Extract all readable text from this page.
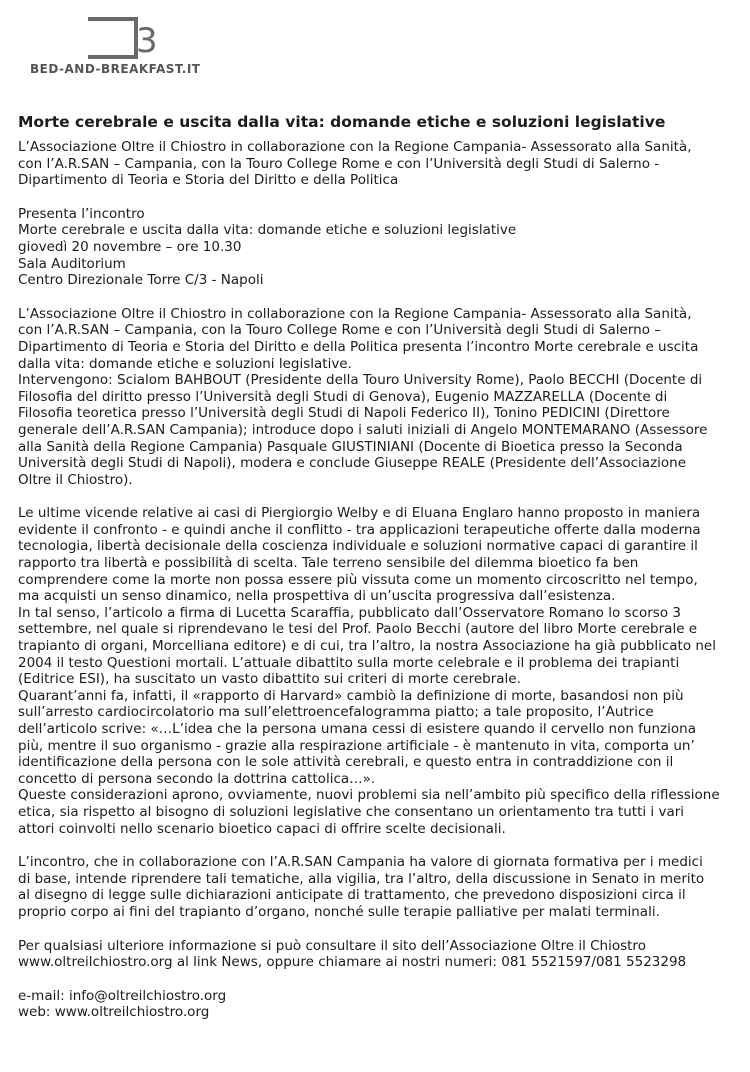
3
BED-AND-BREAKFAST.IT
Morte cerebrale e uscita dalla vita: domande etiche e soluzioni legislative

L’Associazione Oltre il Chiostro in collaborazione con la Regione Campania- Assessorato alla Sanità,
con l’A.R.SAN – Campania, con la Touro College Rome e con l’Università degli Studi di Salerno -
Dipartimento di Teoria e Storia del Diritto e della Politica

Presenta l’incontro
Morte cerebrale e uscita dalla vita: domande etiche e soluzioni legislative
giovedì 20 novembre – ore 10.30
Sala Auditorium
Centro Direzionale Torre C/3 - Napoli

L’Associazione Oltre il Chiostro in collaborazione con la Regione Campania- Assessorato alla Sanità,
con l’A.R.SAN – Campania, con la Touro College Rome e con l’Università degli Studi di Salerno –
Dipartimento di Teoria e Storia del Diritto e della Politica presenta l’incontro Morte cerebrale e uscita
dalla vita: domande etiche e soluzioni legislative.
Intervengono: Scialom BAHBOUT (Presidente della Touro University Rome), Paolo BECCHI (Docente di
Filosofia del diritto presso l’Università degli Studi di Genova), Eugenio MAZZARELLA (Docente di
Filosofia teoretica presso l’Università degli Studi di Napoli Federico II), Tonino PEDICINI (Direttore
generale dell’A.R.SAN Campania); introduce dopo i saluti iniziali di Angelo MONTEMARANO (Assessore
alla Sanità della Regione Campania) Pasquale GIUSTINIANI (Docente di Bioetica presso la Seconda
Università degli Studi di Napoli), modera e conclude Giuseppe REALE (Presidente dell’Associazione
Oltre il Chiostro).

Le ultime vicende relative ai casi di Piergiorgio Welby e di Eluana Englaro hanno proposto in maniera
evidente il confronto - e quindi anche il conflitto - tra applicazioni terapeutiche offerte dalla moderna
tecnologia, libertà decisionale della coscienza individuale e soluzioni normative capaci di garantire il
rapporto tra libertà e possibilità di scelta. Tale terreno sensibile del dilemma bioetico fa ben
comprendere come la morte non possa essere più vissuta come un momento circoscritto nel tempo,
ma acquisti un senso dinamico, nella prospettiva di un’uscita progressiva dall’esistenza.
In tal senso, l’articolo a firma di Lucetta Scaraffia, pubblicato dall’Osservatore Romano lo scorso 3
settembre, nel quale si riprendevano le tesi del Prof. Paolo Becchi (autore del libro Morte cerebrale e
trapianto di organi, Morcelliana editore) e di cui, tra l’altro, la nostra Associazione ha già pubblicato nel
2004 il testo Questioni mortali. L’attuale dibattito sulla morte celebrale e il problema dei trapianti
(Editrice ESI), ha suscitato un vasto dibattito sui criteri di morte cerebrale.
Quarant’anni fa, infatti, il «rapporto di Harvard» cambiò la definizione di morte, basandosi non più
sull’arresto cardiocircolatorio ma sull’elettroencefalogramma piatto; a tale proposito, l’Autrice
dell’articolo scrive: «…L’idea che la persona umana cessi di esistere quando il cervello non funziona
più, mentre il suo organismo - grazie alla respirazione artificiale - è mantenuto in vita, comporta un’
identificazione della persona con le sole attività cerebrali, e questo entra in contraddizione con il
concetto di persona secondo la dottrina cattolica…».
Queste considerazioni aprono, ovviamente, nuovi problemi sia nell’ambito più specifico della riflessione
etica, sia rispetto al bisogno di soluzioni legislative che consentano un orientamento tra tutti i vari
attori coinvolti nello scenario bioetico capaci di offrire scelte decisionali.

L’incontro, che in collaborazione con l’A.R.SAN Campania ha valore di giornata formativa per i medici
di base, intende riprendere tali tematiche, alla vigilia, tra l’altro, della discussione in Senato in merito
al disegno di legge sulle dichiarazioni anticipate di trattamento, che prevedono disposizioni circa il
proprio corpo ai fini del trapianto d’organo, nonché sulle terapie palliative per malati terminali.

Per qualsiasi ulteriore informazione si può consultare il sito dell’Associazione Oltre il Chiostro
www.oltreilchiostro.org al link News, oppure chiamare ai nostri numeri: 081 5521597/081 5523298

e-mail: info@oltreilchiostro.org
web: www.oltreilchiostro.org
